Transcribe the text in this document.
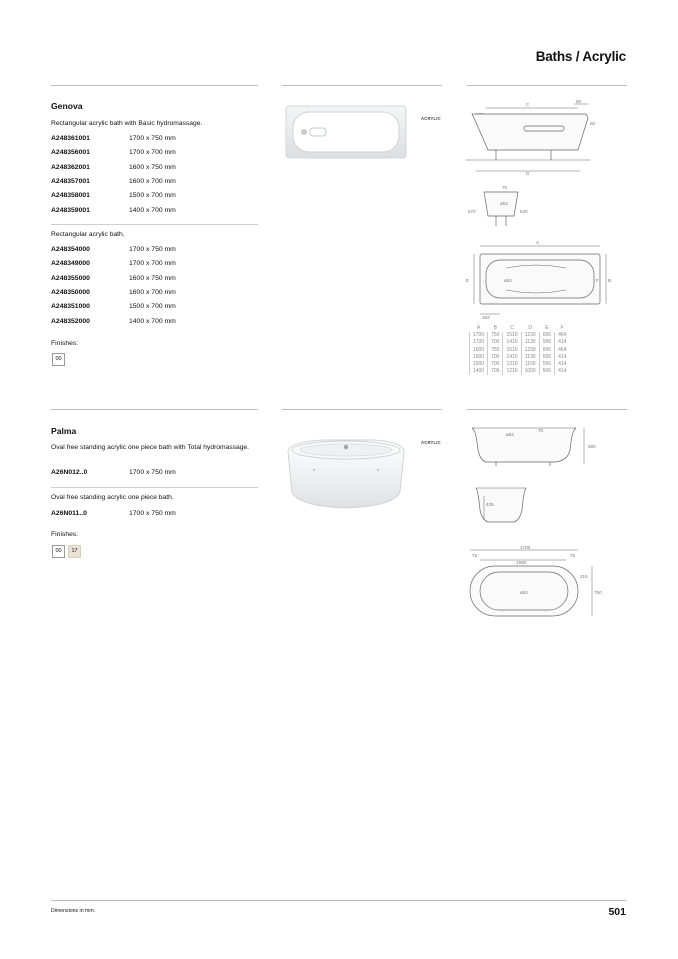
Baths / Acrylic
Genova
Rectangular acrylic bath with Basic hydromassage.
A248361001	1700 x 750 mm
A248356001	1700 x 700 mm
A248362001	1600 x 750 mm
A248357001	1600 x 700 mm
A248358001	1500 x 700 mm
A248359001	1400 x 700 mm
Rectangular acrylic bath.
A248354000	1700 x 750 mm
A248349000	1700 x 700 mm
A248355000	1600 x 750 mm
A248350000	1600 x 700 mm
A248351000	1500 x 700 mm
A248352000	1400 x 700 mm
Finishes:
00
ACRYLIC
C
90
50
D
70
ø52
570	540
A
ø52
E	F B
282
A	B	C	D	E	F
1700	750	1510	1230	606	464
1700	700	1410	1130	556	414
1600	750	1510	1230	606	464
1600	700	1410	1130	556	414
1500	700	1310	1100	556	414
1400	700	1210	1000	506	414
Palma
Oval free standing acrylic one piece bath with Total hydromassage.
A26N012..0	1700 x 750 mm
Oval free standing acrylic one piece bath.
A26N011..0	1700 x 750 mm
Finishes:
00	17
ACRYLIC
ø52
70
580
435
1700
1560
75	75
ø52
215
750
Dimensions in mm.	501
